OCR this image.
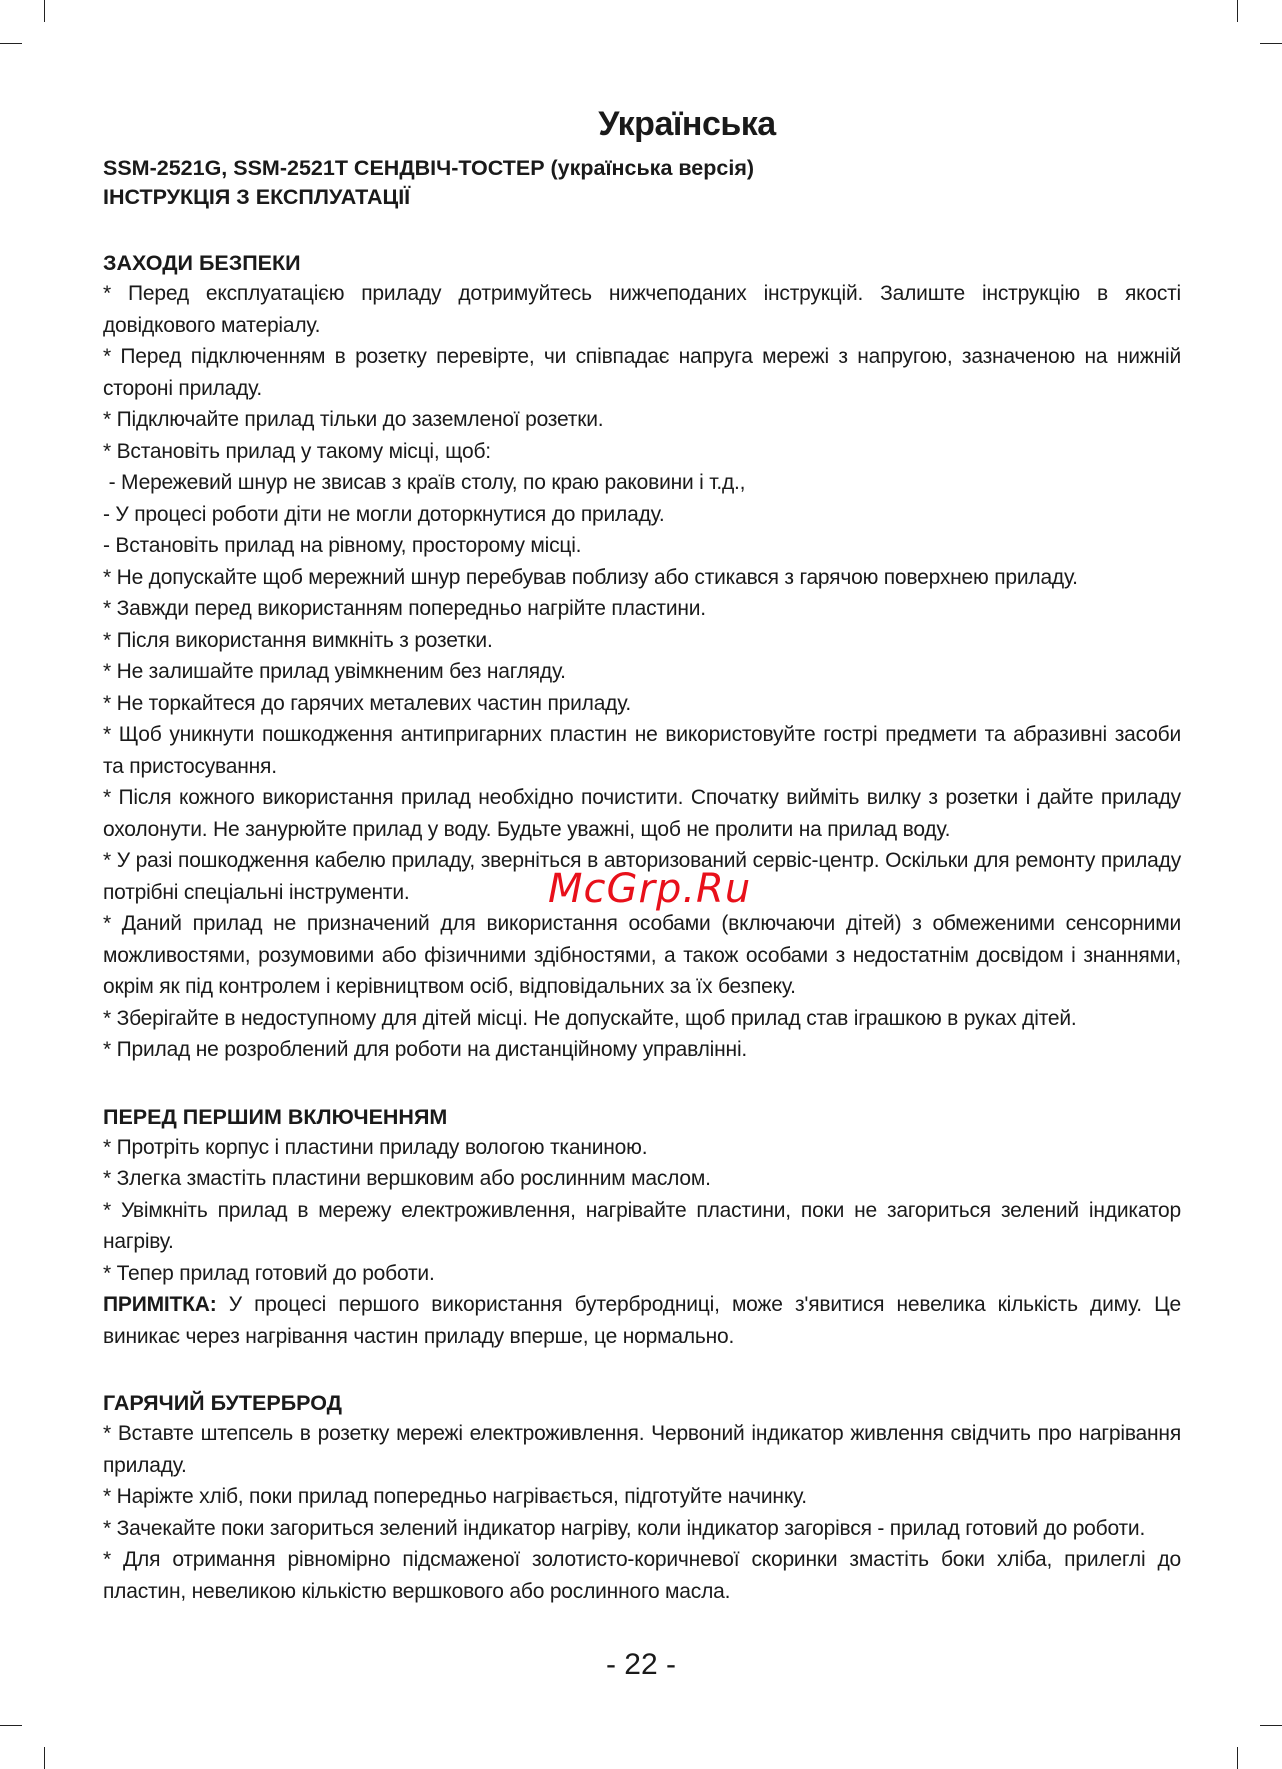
Українська

SSM-2521G, SSM-2521T СЕНДВІЧ-ТОСТЕР (українська версія)

ІНСТРУКЦІЯ З ЕКСПЛУАТАЦІЇ

ЗАХОДИ БЕЗПЕКИ

* Перед експлуатацією приладу дотримуйтесь нижчеподаних інструкцій. Залиште інструкцію в якості довідкового матеріалу.

* Перед підключенням в розетку перевірте, чи співпадає напруга мережі з напругою, зазначеною на нижній стороні приладу.

* Підключайте прилад тільки до заземленої розетки.

* Встановіть прилад у такому місці, щоб:

- Мережевий шнур не звисав з країв столу, по краю раковини і т.д.,

- У процесі роботи діти не могли доторкнутися до приладу.

- Встановіть прилад на рівному, просторому місці.

* Не допускайте щоб мережний шнур перебував поблизу або стикався з гарячою поверхнею приладу.

* Завжди перед використанням попередньо нагрійте пластини.

* Після використання вимкніть з розетки.

* Не залишайте прилад увімкненим без нагляду.

* Не торкайтеся до гарячих металевих частин приладу.

* Щоб уникнути пошкодження антипригарних пластин не використовуйте гострі предмети та абразивні засоби та пристосування.

* Після кожного використання прилад необхідно почистити. Спочатку вийміть вилку з розетки і дайте приладу охолонути. Не занурюйте прилад у воду. Будьте уважні, щоб не пролити на прилад воду.

* У разі пошкодження кабелю приладу, зверніться в авторизований сервіс-центр. Оскільки для ремонту приладу потрібні спеціальні інструменти.

* Даний прилад не призначений для використання особами (включаючи дітей) з обмеженими сенсорними можливостями, розумовими або фізичними здібностями, а також особами з недостатнім досвідом і знаннями, окрім як під контролем і керівництвом осіб, відповідальних за їх безпеку.

* Зберігайте в недоступному для дітей місці. Не допускайте, щоб прилад став іграшкою в руках дітей.

* Прилад не розроблений для роботи на дистанційному управлінні.

ПЕРЕД ПЕРШИМ ВКЛЮЧЕННЯМ

* Протріть корпус і пластини приладу вологою тканиною.

* Злегка змастіть пластини вершковим або рослинним маслом.

* Увімкніть прилад в мережу електроживлення, нагрівайте пластини, поки не загориться зелений індикатор нагріву.

* Тепер прилад готовий до роботи.

ПРИМІТКА: У процесі першого використання бутербродниці, може з'явитися невелика кількість диму. Це виникає через нагрівання частин приладу вперше, це нормально.

ГАРЯЧИЙ БУТЕРБРОД

* Вставте штепсель в розетку мережі електроживлення. Червоний індикатор живлення свідчить про нагрівання приладу.

* Наріжте хліб, поки прилад попередньо нагрівається, підготуйте начинку.

* Зачекайте поки загориться зелений індикатор нагріву, коли індикатор загорівся - прилад готовий до роботи.

* Для отримання рівномірно підсмаженої золотисто-коричневої скоринки змастіть боки хліба, прилеглі до пластин, невеликою кількістю вершкового або рослинного масла.

McGrp.Ru
- 22 -
